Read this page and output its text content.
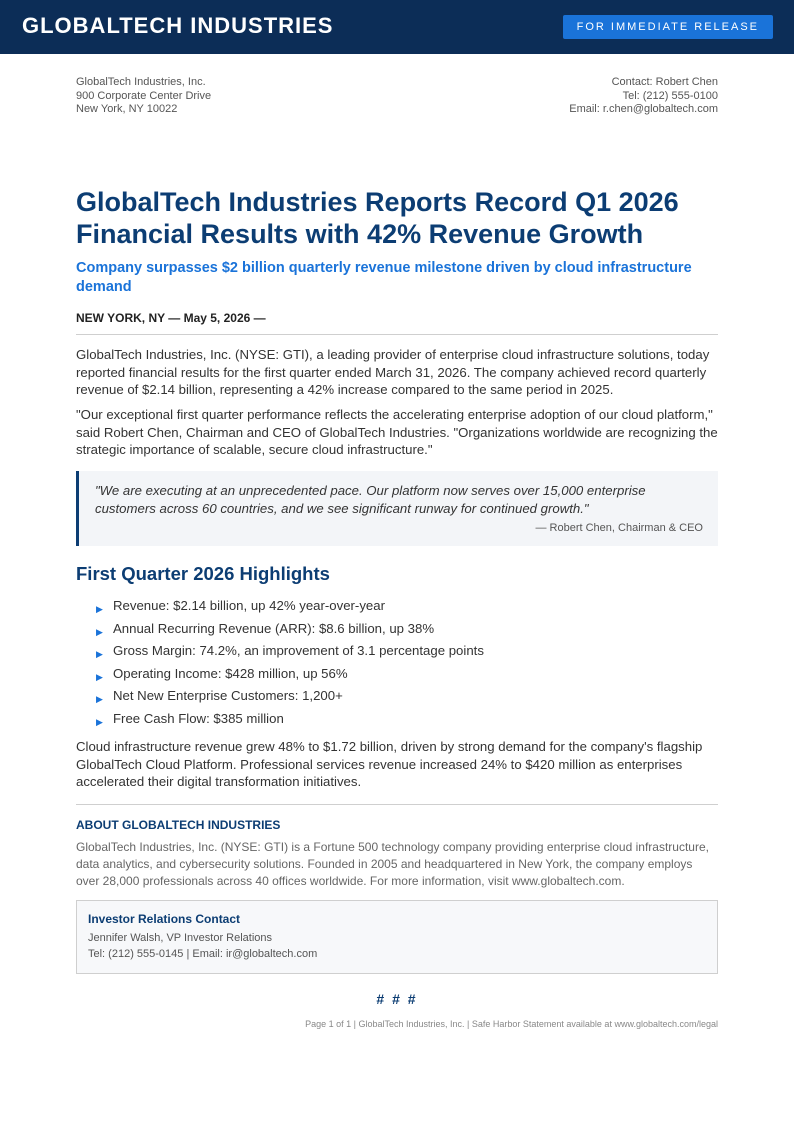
GLOBALTECH INDUSTRIES	FOR IMMEDIATE RELEASE
GlobalTech Industries, Inc.
900 Corporate Center Drive
New York, NY 10022
Contact: Robert Chen
Tel: (212) 555-0100
Email: r.chen@globaltech.com
GlobalTech Industries Reports Record Q1 2026 Financial Results with 42% Revenue Growth
Company surpasses $2 billion quarterly revenue milestone driven by cloud infrastructure demand
NEW YORK, NY — May 5, 2026 —
GlobalTech Industries, Inc. (NYSE: GTI), a leading provider of enterprise cloud infrastructure solutions, today reported financial results for the first quarter ended March 31, 2026. The company achieved record quarterly revenue of $2.14 billion, representing a 42% increase compared to the same period in 2025.
"Our exceptional first quarter performance reflects the accelerating enterprise adoption of our cloud platform," said Robert Chen, Chairman and CEO of GlobalTech Industries. "Organizations worldwide are recognizing the strategic importance of scalable, secure cloud infrastructure."
"We are executing at an unprecedented pace. Our platform now serves over 15,000 enterprise customers across 60 countries, and we see significant runway for continued growth."
— Robert Chen, Chairman & CEO
First Quarter 2026 Highlights
▶ Revenue: $2.14 billion, up 42% year-over-year
▶ Annual Recurring Revenue (ARR): $8.6 billion, up 38%
▶ Gross Margin: 74.2%, an improvement of 3.1 percentage points
▶ Operating Income: $428 million, up 56%
▶ Net New Enterprise Customers: 1,200+
▶ Free Cash Flow: $385 million
Cloud infrastructure revenue grew 48% to $1.72 billion, driven by strong demand for the company's flagship GlobalTech Cloud Platform. Professional services revenue increased 24% to $420 million as enterprises accelerated their digital transformation initiatives.
ABOUT GLOBALTECH INDUSTRIES
GlobalTech Industries, Inc. (NYSE: GTI) is a Fortune 500 technology company providing enterprise cloud infrastructure, data analytics, and cybersecurity solutions. Founded in 2005 and headquartered in New York, the company employs over 28,000 professionals across 40 offices worldwide. For more information, visit www.globaltech.com.
Investor Relations Contact
Jennifer Walsh, VP Investor Relations
Tel: (212) 555-0145 | Email: ir@globaltech.com
# # #
Page 1 of 1 | GlobalTech Industries, Inc. | Safe Harbor Statement available at www.globaltech.com/legal
